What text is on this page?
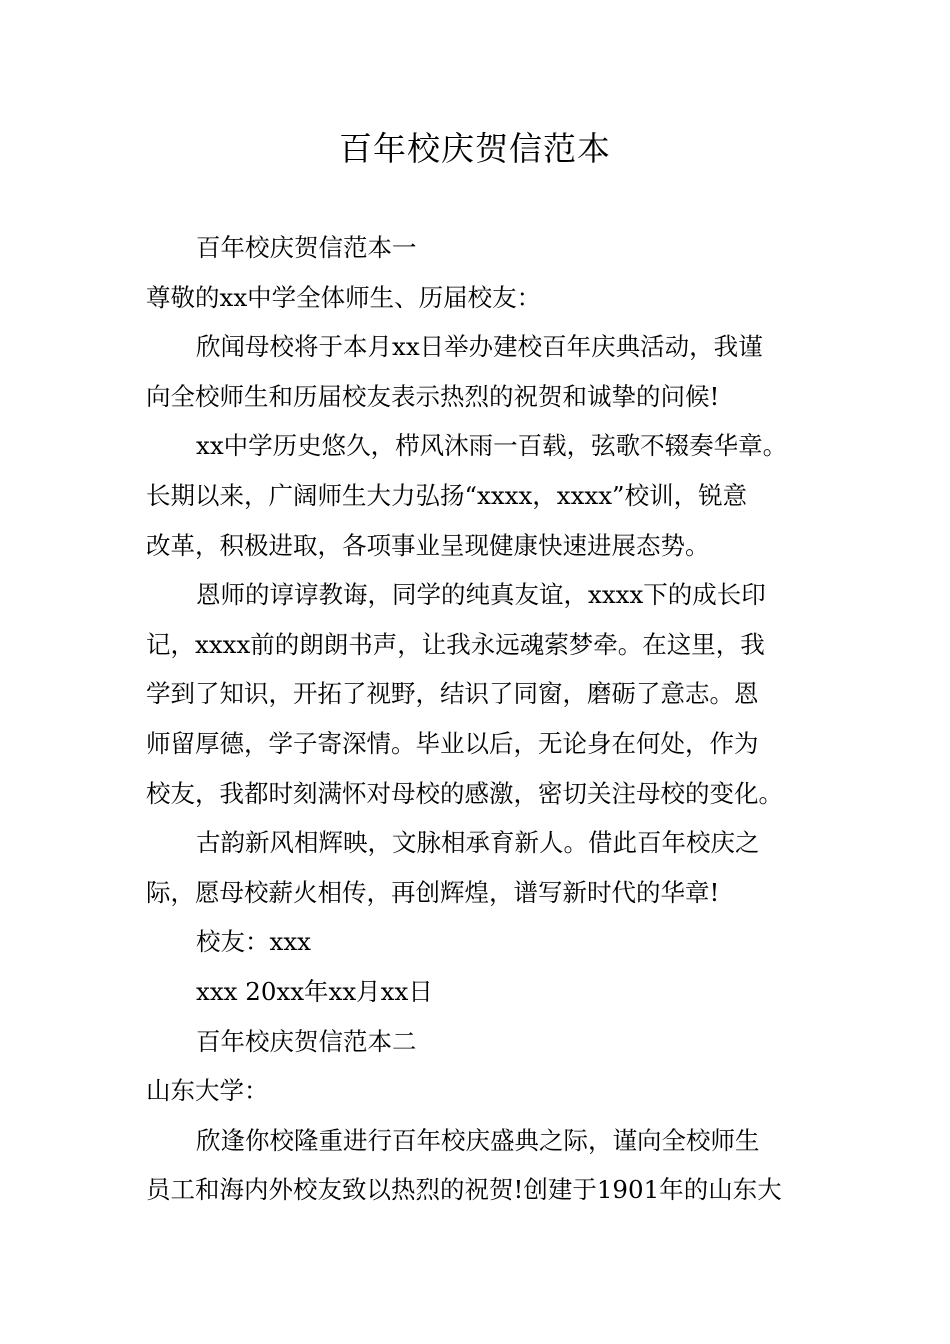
百年校庆贺信范本
百年校庆贺信范本一
尊敬的xx中学全体师生、历届校友：
欣闻母校将于本月xx日举办建校百年庆典活动，我谨
向全校师生和历届校友表示热烈的祝贺和诚挚的问候!
xx中学历史悠久，栉风沐雨一百载，弦歌不辍奏华章。
长期以来，广阔师生大力弘扬“xxxx，xxxx”校训，锐意
改革，积极进取，各项事业呈现健康快速进展态势。
恩师的谆谆教诲，同学的纯真友谊，xxxx下的成长印
记，xxxx前的朗朗书声，让我永远魂萦梦牵。在这里，我
学到了知识，开拓了视野，结识了同窗，磨砺了意志。恩
师留厚德，学子寄深情。毕业以后，无论身在何处，作为
校友，我都时刻满怀对母校的感激，密切关注母校的变化。
古韵新风相辉映，文脉相承育新人。借此百年校庆之
际，愿母校薪火相传，再创辉煌，谱写新时代的华章!
校友：xxx
xxx 20xx年xx月xx日
百年校庆贺信范本二
山东大学：
欣逢你校隆重进行百年校庆盛典之际，谨向全校师生
员工和海内外校友致以热烈的祝贺!创建于1901年的山东大
